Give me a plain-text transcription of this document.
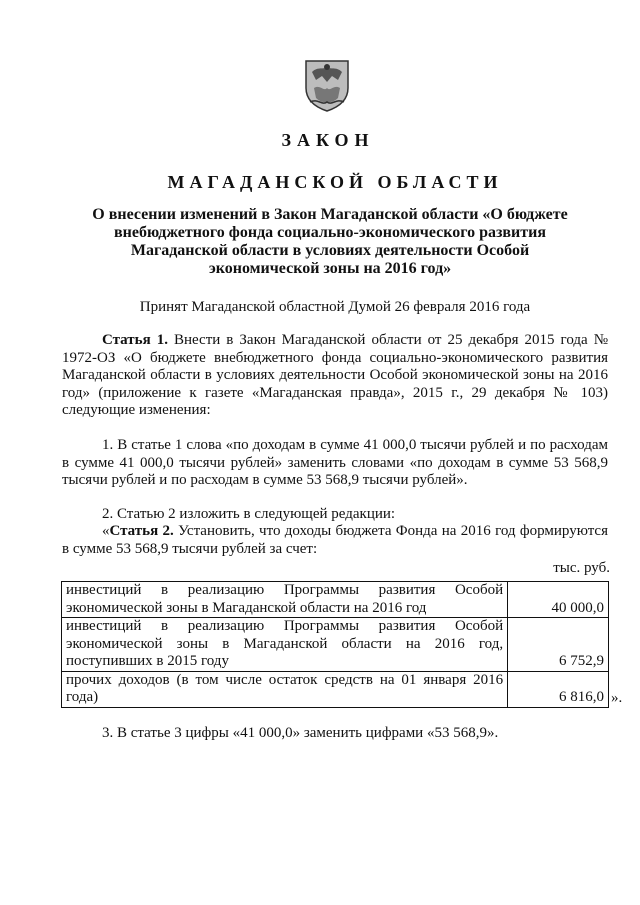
ЗАКОН
МАГАДАНСКОЙ ОБЛАСТИ
О внесении изменений в Закон Магаданской области «О бюджете внебюджетного фонда социально-экономического развития Магаданской области в условиях деятельности Особой экономической зоны на 2016 год»
Принят Магаданской областной Думой 26 февраля 2016 года
Статья 1. Внести в Закон Магаданской области от 25 декабря 2015 года № 1972-ОЗ «О бюджете внебюджетного фонда социально-экономического развития Магаданской области в условиях деятельности Особой экономической зоны на 2016 год» (приложение к газете «Магаданская правда», 2015 г., 29 декабря № 103) следующие изменения:
1. В статье 1 слова «по доходам в сумме 41 000,0 тысячи рублей и по расходам в сумме 41 000,0 тысячи рублей» заменить словами «по доходам в сумме 53 568,9 тысячи рублей и по расходам в сумме 53 568,9 тысячи рублей».
2. Статью 2 изложить в следующей редакции:
«Статья 2. Установить, что доходы бюджета Фонда на 2016 год формируются в сумме 53 568,9 тысячи рублей за счет:
тыс. руб.
инвестиций в реализацию Программы развития Особой экономической зоны в Магаданской области на 2016 год	40 000,0
инвестиций в реализацию Программы развития Особой экономической зоны в Магаданской области на 2016 год, поступивших в 2015 году	6 752,9
прочих доходов (в том числе остаток средств на 01 января 2016 года)	6 816,0 ».
3. В статье 3 цифры «41 000,0» заменить цифрами «53 568,9».
